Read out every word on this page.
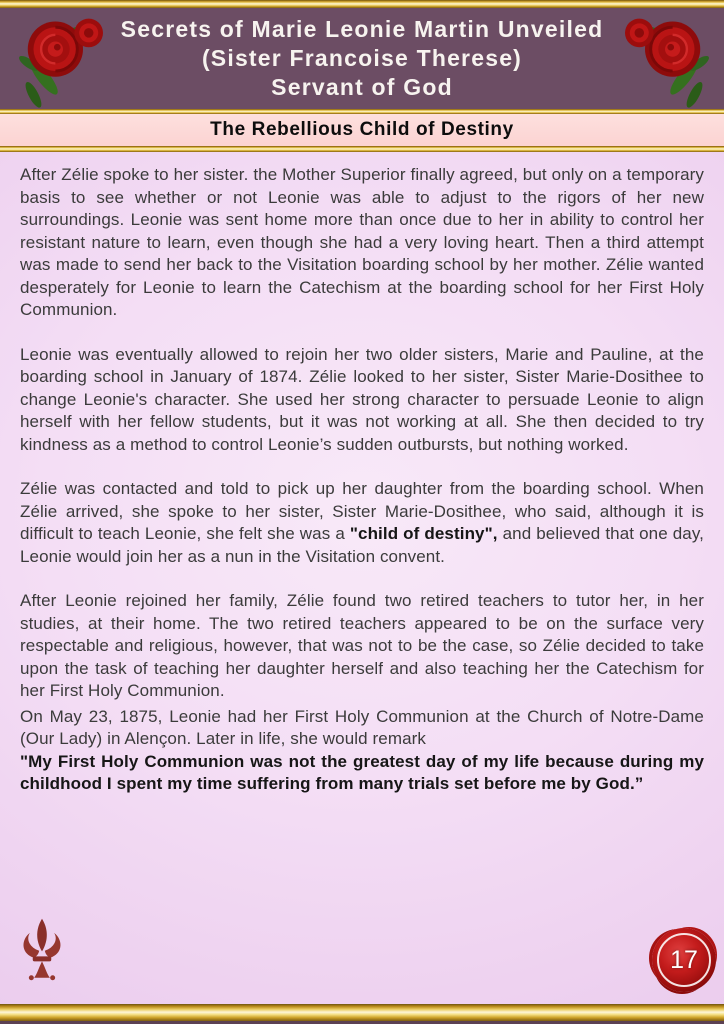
Secrets of Marie Leonie Martin Unveiled
(Sister Francoise Therese)
Servant of God
The Rebellious Child of Destiny

After Zélie spoke to her sister. the Mother Superior finally agreed, but only on a temporary basis to see whether or not Leonie was able to adjust to the rigors of her new surroundings. Leonie was sent home more than once due to her in ability to control her resistant nature to learn, even though she had a very loving heart. Then a third attempt was made to send her back to the Visitation boarding school by her mother. Zélie wanted desperately for Leonie to learn the Catechism at the boarding school for her First Holy Communion.

Leonie was eventually allowed to rejoin her two older sisters, Marie and Pauline, at the boarding school in January of 1874. Zélie looked to her sister, Sister Marie-Dosithee to change Leonie's character. She used her strong character to persuade Leonie to align herself with her fellow students, but it was not working at all. She then decided to try kindness as a method to control Leonie’s sudden outbursts, but nothing worked.

Zélie was contacted and told to pick up her daughter from the boarding school. When Zélie arrived, she spoke to her sister, Sister Marie-Dosithee, who said, although it is difficult to teach Leonie, she felt she was a "child of destiny", and believed that one day, Leonie would join her as a nun in the Visitation convent.

After Leonie rejoined her family, Zélie found two retired teachers to tutor her, in her studies, at their home. The two retired teachers appeared to be on the surface very respectable and religious, however, that was not to be the case, so Zélie decided to take upon the task of teaching her daughter herself and also teaching her the Catechism for her First Holy Communion.

On May 23, 1875, Leonie had her First Holy Communion at the Church of Notre-Dame (Our Lady) in Alençon. Later in life, she would remark

"My First Holy Communion was not the greatest day of my life because during my childhood I spent my time suffering from many trials set before me by God.”

17
